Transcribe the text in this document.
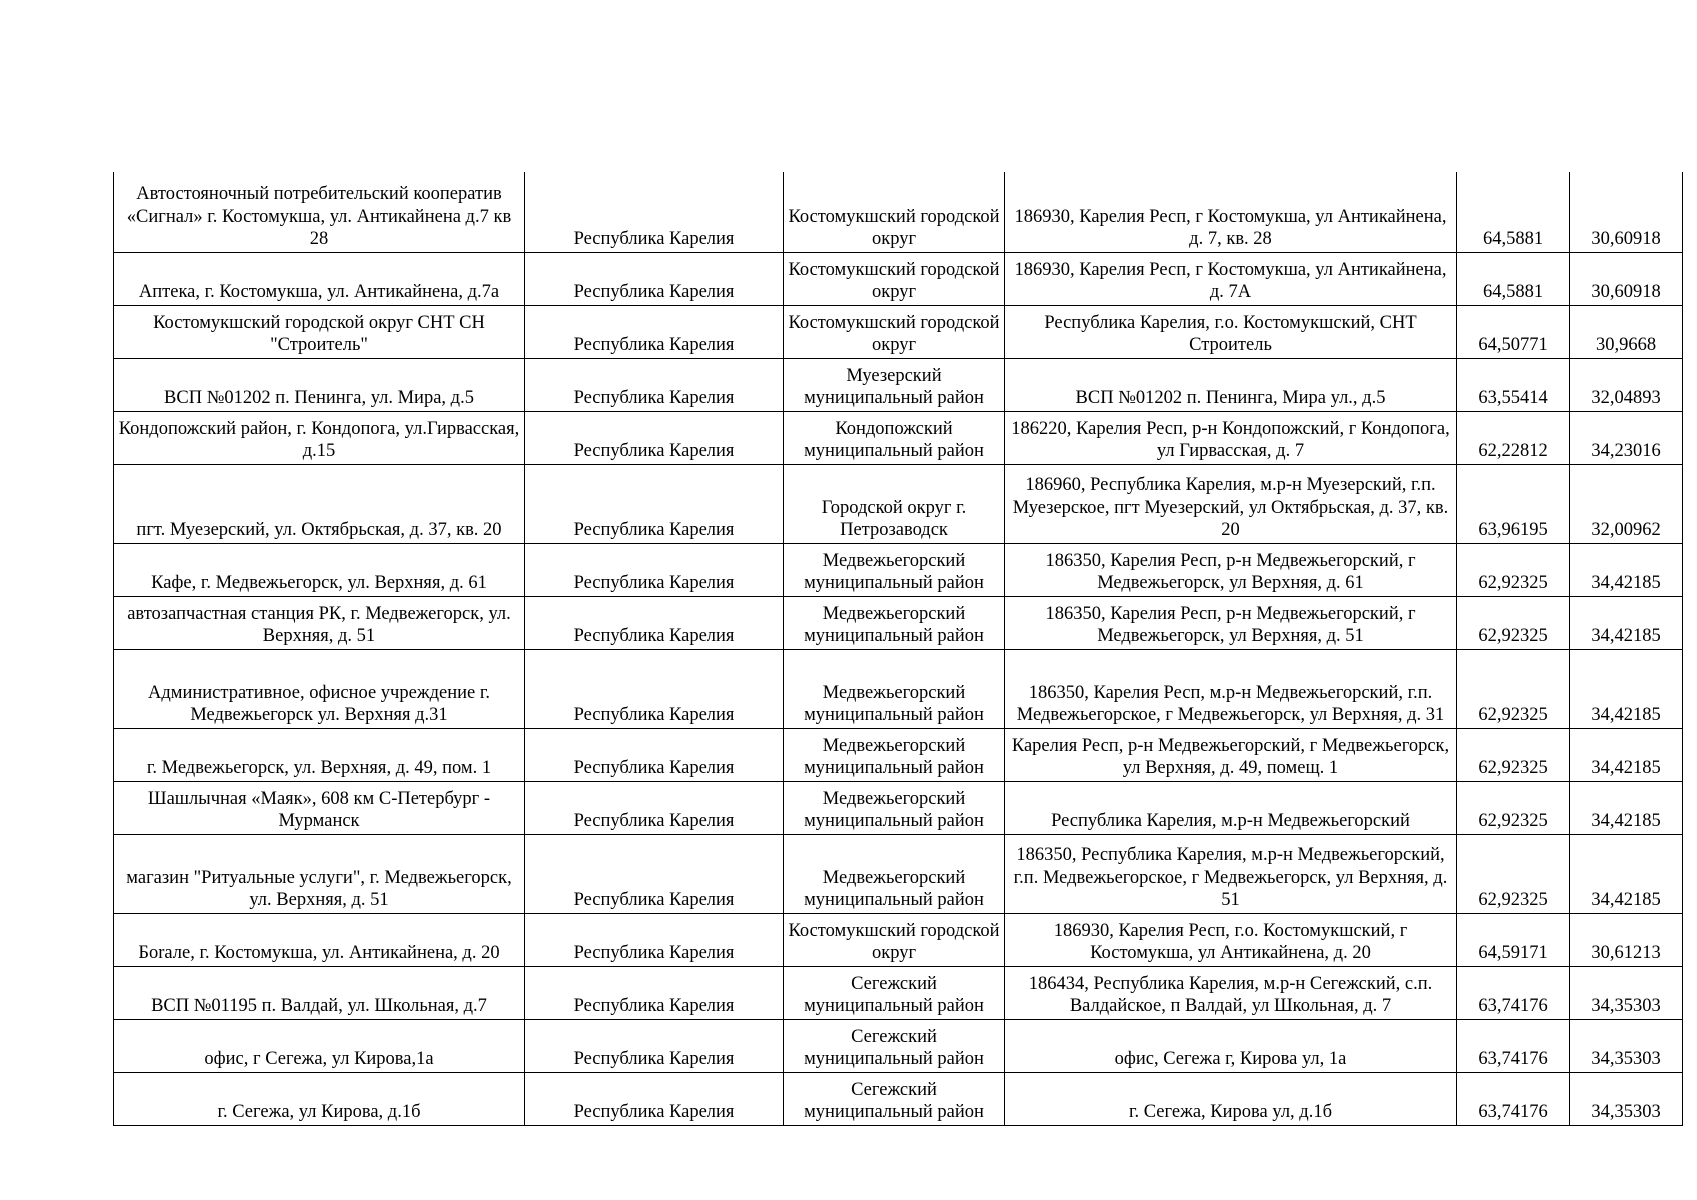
Автостояночный потребительский кооператив «Сигнал» г. Костомукша, ул. Антикайнена д.7 кв 28	Республика Карелия	Костомукшский городской округ	186930, Карелия Респ, г Костомукша, ул Антикайнена, д. 7, кв. 28	64,5881	30,60918
Аптека, г. Костомукша, ул. Антикайнена, д.7а	Республика Карелия	Костомукшский городской округ	186930, Карелия Респ, г Костомукша, ул Антикайнена, д. 7А	64,5881	30,60918
Костомукшский городской округ СНТ СН "Строитель"	Республика Карелия	Костомукшский городской округ	Республика Карелия, г.о. Костомукшский, СНТ Строитель	64,50771	30,9668
ВСП №01202 п. Пенинга, ул. Мира, д.5	Республика Карелия	Муезерский муниципальный район	ВСП №01202 п. Пенинга, Мира ул., д.5	63,55414	32,04893
Кондопожский район, г. Кондопога, ул.Гирвасская, д.15	Республика Карелия	Кондопожский муниципальный район	186220, Карелия Респ, р-н Кондопожский, г Кондопога, ул Гирвасская, д. 7	62,22812	34,23016
пгт. Муезерский, ул. Октябрьская, д. 37, кв. 20	Республика Карелия	Городской округ г. Петрозаводск	186960, Республика Карелия, м.р-н Муезерский, г.п. Муезерское, пгт Муезерский, ул Октябрьская, д. 37, кв. 20	63,96195	32,00962
Кафе, г. Медвежьегорск, ул. Верхняя, д. 61	Республика Карелия	Медвежьегорский муниципальный район	186350, Карелия Респ, р-н Медвежьегорский, г Медвежьегорск, ул Верхняя, д. 61	62,92325	34,42185
автозапчастная станция РК, г. Медвежегорск, ул. Верхняя, д. 51	Республика Карелия	Медвежьегорский муниципальный район	186350, Карелия Респ, р-н Медвежьегорский, г Медвежьегорск, ул Верхняя, д. 51	62,92325	34,42185
Административное, офисное учреждение г. Медвежьегорск ул. Верхняя д.31	Республика Карелия	Медвежьегорский муниципальный район	186350, Карелия Респ, м.р-н Медвежьегорский, г.п. Медвежьегорское, г Медвежьегорск, ул Верхняя, д. 31	62,92325	34,42185
г. Медвежьегорск, ул. Верхняя, д. 49, пом. 1	Республика Карелия	Медвежьегорский муниципальный район	Карелия Респ, р-н Медвежьегорский, г Медвежьегорск, ул Верхняя, д. 49, помещ. 1	62,92325	34,42185
Шашлычная «Маяк», 608 км С-Петербург - Мурманск	Республика Карелия	Медвежьегорский муниципальный район	Республика Карелия, м.р-н Медвежьегорский	62,92325	34,42185
магазин "Ритуальные услуги", г. Медвежьегорск, ул. Верхняя, д. 51	Республика Карелия	Медвежьегорский муниципальный район	186350, Республика Карелия, м.р-н Медвежьегорский, г.п. Медвежьегорское, г Медвежьегорск, ул Верхняя, д. 51	62,92325	34,42185
Бorале, г. Костомукша, ул. Антикайнена, д. 20	Республика Карелия	Костомукшский городской округ	186930, Карелия Респ, г.о. Костомукшский, г Костомукша, ул Антикайнена, д. 20	64,59171	30,61213
ВСП №01195 п. Валдай, ул. Школьная, д.7	Республика Карелия	Сегежский муниципальный район	186434, Республика Карелия, м.р-н Сегежский, с.п. Валдайское, п Валдай, ул Школьная, д. 7	63,74176	34,35303
офис, г Сегежа, ул Кирова,1а	Республика Карелия	Сегежский муниципальный район	офис, Сегежа г, Кирова ул, 1а	63,74176	34,35303
г. Сегежа, ул Кирова, д.1б	Республика Карелия	Сегежский муниципальный район	г. Сегежа, Кирова ул, д.1б	63,74176	34,35303
